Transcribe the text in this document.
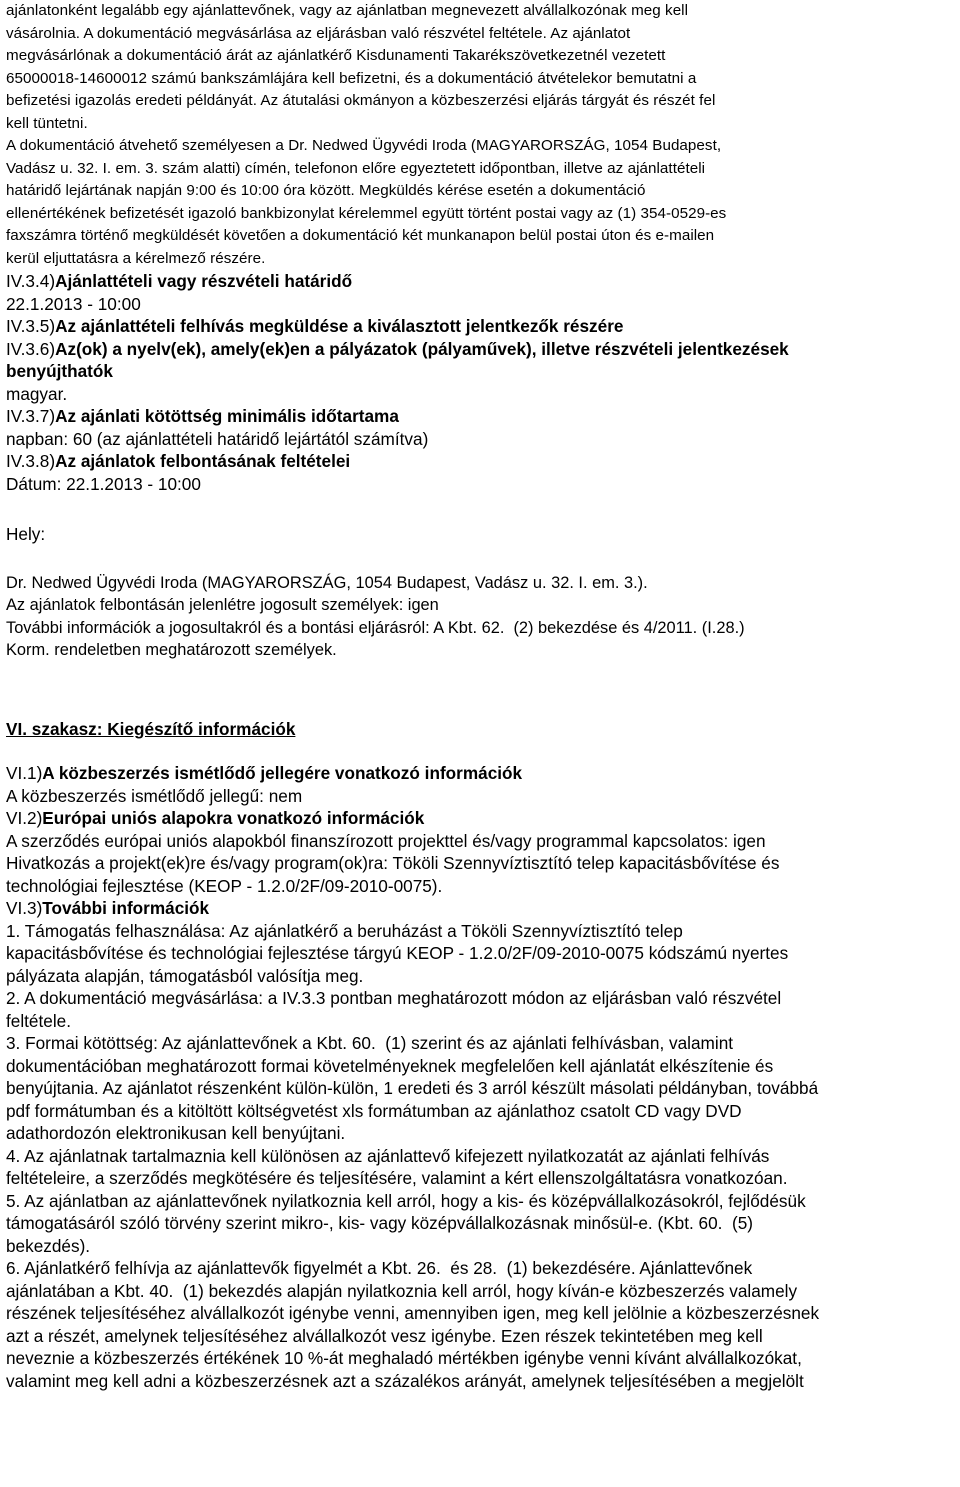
ajánlatonként legalább egy ajánlattevőnek, vagy az ajánlatban megnevezett alvállalkozónak meg kell
vásárolnia. A dokumentáció megvásárlása az eljárásban való részvétel feltétele. Az ajánlatot
megvásárlónak a dokumentáció árát az ajánlatkérő Kisdunamenti Takarékszövetkezetnél vezetett
65000018-14600012 számú bankszámlájára kell befizetni, és a dokumentáció átvételekor bemutatni a
befizetési igazolás eredeti példányát. Az átutalási okmányon a közbeszerzési eljárás tárgyát és részét fel
kell tüntetni.
A dokumentáció átvehető személyesen a Dr. Nedwed Ügyvédi Iroda (MAGYARORSZÁG, 1054 Budapest,
Vadász u. 32. I. em. 3. szám alatti) címén, telefonon előre egyeztetett időpontban, illetve az ajánlattételi
határidő lejártának napján 9:00 és 10:00 óra között. Megküldés kérése esetén a dokumentáció
ellenértékének befizetését igazoló bankbizonylat kérelemmel együtt történt postai vagy az (1) 354-0529-es
faxszámra történő megküldését követően a dokumentáció két munkanapon belül postai úton és e-mailen
kerül eljuttatásra a kérelmező részére.
IV.3.4)Ajánlattételi vagy részvételi határidő
22.1.2013 - 10:00
IV.3.5)Az ajánlattételi felhívás megküldése a kiválasztott jelentkezők részére
IV.3.6)Az(ok) a nyelv(ek), amely(ek)en a pályázatok (pályaművek), illetve részvételi jelentkezések
benyújthatók
magyar.
IV.3.7)Az ajánlati kötöttség minimális időtartama
napban: 60 (az ajánlattételi határidő lejártától számítva)
IV.3.8)Az ajánlatok felbontásának feltételei
Dátum: 22.1.2013 - 10:00
Hely:
Dr. Nedwed Ügyvédi Iroda (MAGYARORSZÁG, 1054 Budapest, Vadász u. 32. I. em. 3.).
Az ajánlatok felbontásán jelenlétre jogosult személyek: igen
További információk a jogosultakról és a bontási eljárásról: A Kbt. 62.  (2) bekezdése és 4/2011. (I.28.)
Korm. rendeletben meghatározott személyek.
VI. szakasz: Kiegészítő információk
VI.1)A közbeszerzés ismétlődő jellegére vonatkozó információk
A közbeszerzés ismétlődő jellegű: nem
VI.2)Európai uniós alapokra vonatkozó információk
A szerződés európai uniós alapokból finanszírozott projekttel és/vagy programmal kapcsolatos: igen
Hivatkozás a projekt(ek)re és/vagy program(ok)ra: Tököli Szennyvíztisztító telep kapacitásbővítése és
technológiai fejlesztése (KEOP - 1.2.0/2F/09-2010-0075).
VI.3)További információk
1. Támogatás felhasználása: Az ajánlatkérő a beruházást a Tököli Szennyvíztisztító telep
kapacitásbővítése és technológiai fejlesztése tárgyú KEOP - 1.2.0/2F/09-2010-0075 kódszámú nyertes
pályázata alapján, támogatásból valósítja meg.
2. A dokumentáció megvásárlása: a IV.3.3 pontban meghatározott módon az eljárásban való részvétel
feltétele.
3. Formai kötöttség: Az ajánlattevőnek a Kbt. 60.  (1) szerint és az ajánlati felhívásban, valamint
dokumentációban meghatározott formai követelményeknek megfelelően kell ajánlatát elkészítenie és
benyújtania. Az ajánlatot részenként külön-külön, 1 eredeti és 3 arról készült másolati példányban, továbbá
pdf formátumban és a kitöltött költségvetést xls formátumban az ajánlathoz csatolt CD vagy DVD
adathordozón elektronikusan kell benyújtani.
4. Az ajánlatnak tartalmaznia kell különösen az ajánlattevő kifejezett nyilatkozatát az ajánlati felhívás
feltételeire, a szerződés megkötésére és teljesítésére, valamint a kért ellenszolgáltatásra vonatkozóan.
5. Az ajánlatban az ajánlattevőnek nyilatkoznia kell arról, hogy a kis- és középvállalkozásokról, fejlődésük
támogatásáról szóló törvény szerint mikro-, kis- vagy középvállalkozásnak minősül-e. (Kbt. 60.  (5)
bekezdés).
6. Ajánlatkérő felhívja az ajánlattevők figyelmét a Kbt. 26.  és 28.  (1) bekezdésére. Ajánlattevőnek
ajánlatában a Kbt. 40.  (1) bekezdés alapján nyilatkoznia kell arról, hogy kíván-e közbeszerzés valamely
részének teljesítéséhez alvállalkozót igénybe venni, amennyiben igen, meg kell jelölnie a közbeszerzésnek
azt a részét, amelynek teljesítéséhez alvállalkozót vesz igénybe. Ezen részek tekintetében meg kell
neveznie a közbeszerzés értékének 10 %-át meghaladó mértékben igénybe venni kívánt alvállalkozókat,
valamint meg kell adni a közbeszerzésnek azt a százalékos arányát, amelynek teljesítésében a megjelölt
